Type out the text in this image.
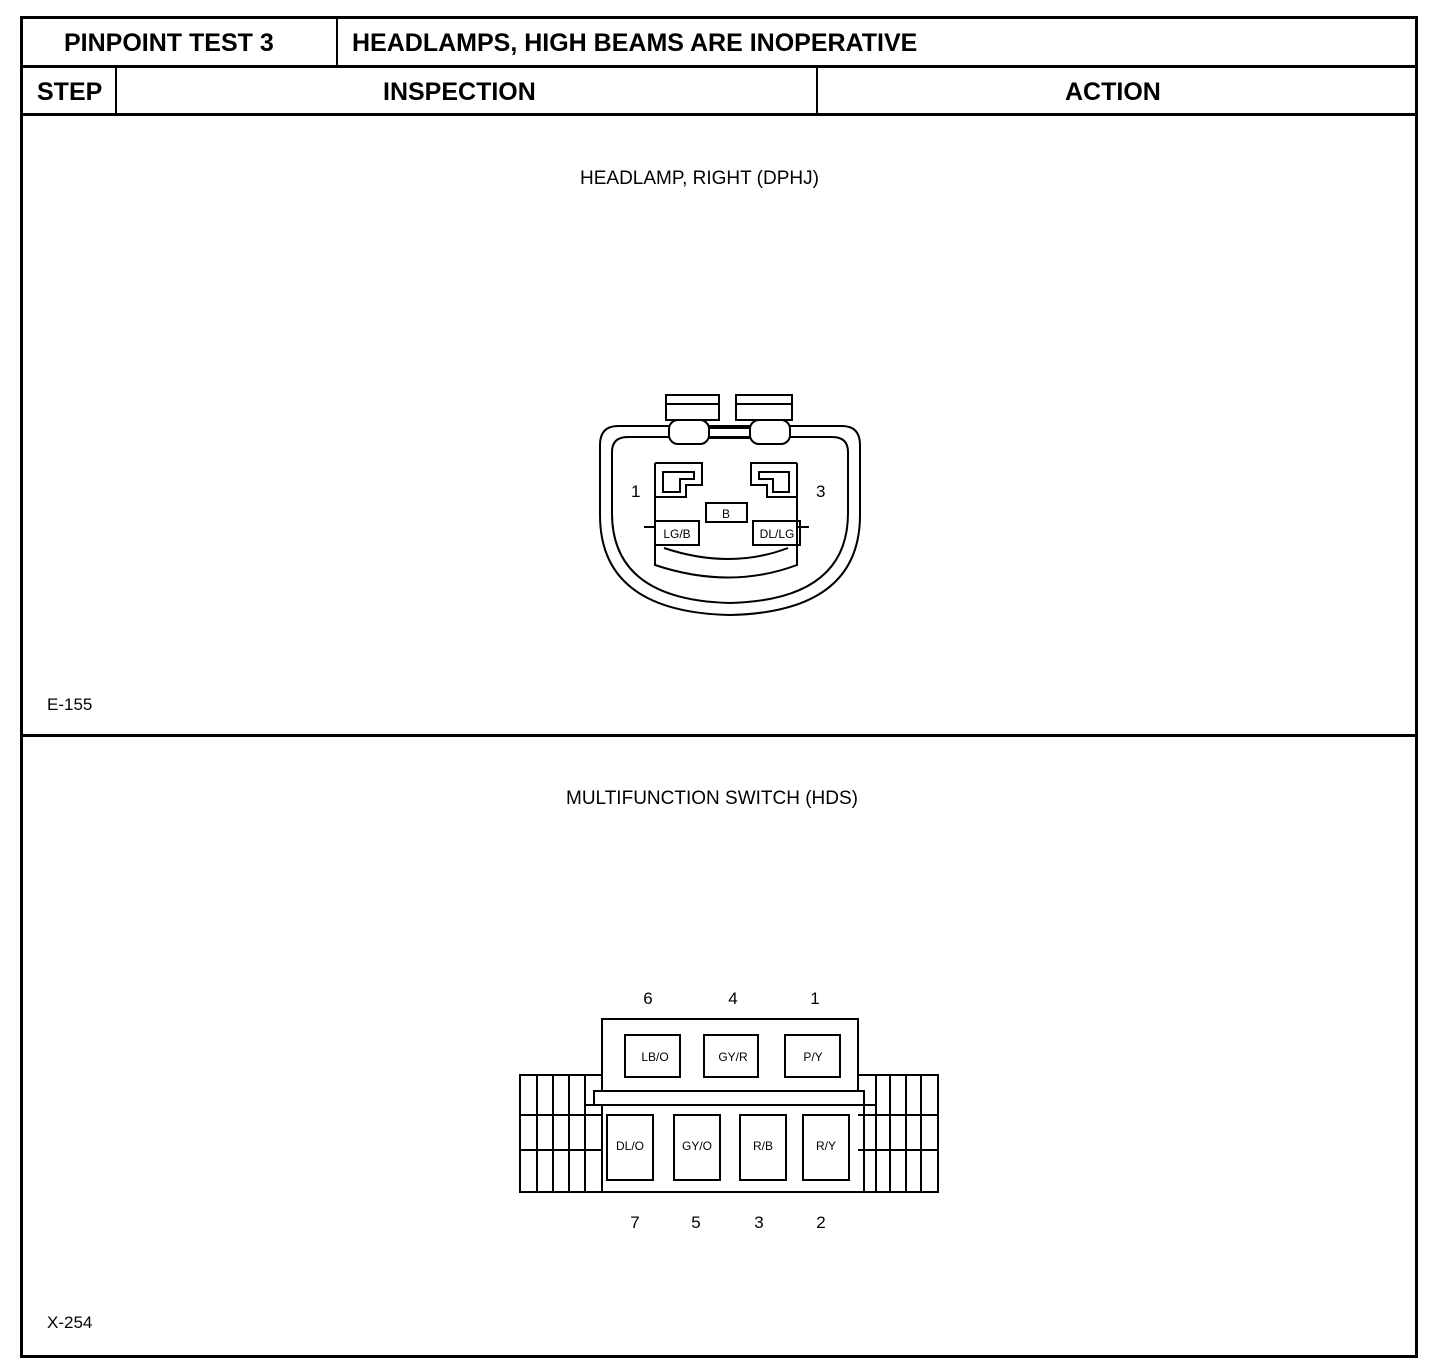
PINPOINT TEST 3	HEADLAMPS, HIGH BEAMS ARE INOPERATIVE
STEP	INSPECTION	ACTION
HEADLAMP, RIGHT (DPHJ)
E-155
MULTIFUNCTION SWITCH (HDS)
X-254
1	3
B
LG/B	DL/LG
6	4	1
LB/O	GY/R	P/Y
DL/O	GY/O	R/B	R/Y
7	5	3	2
